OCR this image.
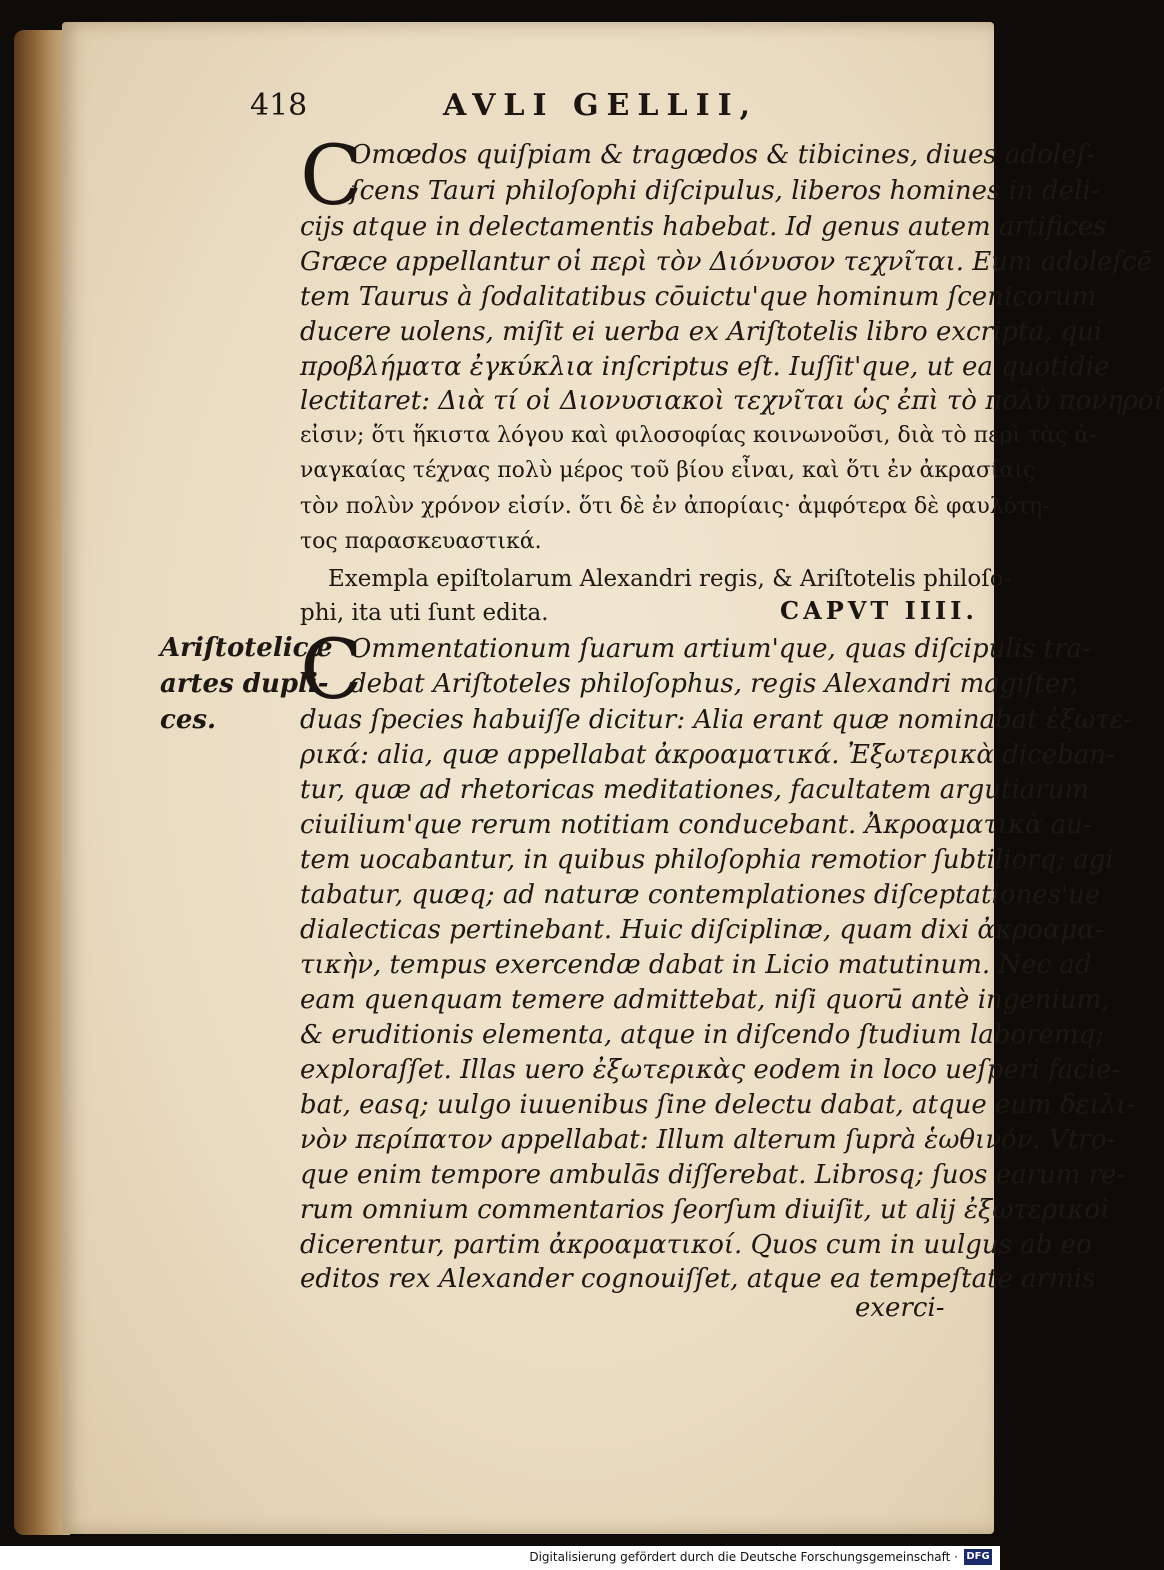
418	AVLI GELLII,
C
Omœdos quiſpiam & tragœdos & tibicines, diues adoleſ-
ſcens Tauri philoſophi diſcipulus, liberos homines in deli-
cijs atque in delectamentis habebat. Id genus autem artifices
Græce appellantur οἱ περὶ τὸν Διόνυσον τεχνῖται. Eum adoleſcē
tem Taurus à ſodalitatibus cōuictu'que hominum ſcenicorum
ducere uolens, miſit ei uerba ex Ariſtotelis libro excripta, qui
προβλήματα ἐγκύκλια inſcriptus eſt. Iuſſit'que, ut ea quotidie
lectitaret: Διὰ τί οἱ Διονυσιακοὶ τεχνῖται ὡς ἐπὶ τὸ πολὺ πονηροί
εἰσιν; ὅτι ἥκιστα λόγου καὶ φιλοσοφίας κοινωνοῦσι, διὰ τὸ περὶ τὰς ἀ-
ναγκαίας τέχνας πολὺ μέρος τοῦ βίου εἶναι, καὶ ὅτι ἐν ἀκρασίαις
τὸν πολὺν χρόνον εἰσίν. ὅτι δὲ ἐν ἀπορίαις· ἀμφότερα δὲ φαυλότη-
τος παρασκευαστικά.
Exempla epiſtolarum Alexandri regis, & Ariſtotelis philoſo-
phi, ita uti ſunt edita.	CAPVT IIII.
Ariſtotelicæ
artes dupli-
ces.
C
Ommentationum ſuarum artium'que, quas diſcipulis tra-
debat Ariſtoteles philoſophus, regis Alexandri magiſter,
duas ſpecies habuiſſe dicitur: Alia erant quæ nominabat ἐξωτε-
ρικά: alia, quæ appellabat ἀκροαματικά. Ἐξωτερικὰ diceban-
tur, quæ ad rhetoricas meditationes, facultatem argutiarum
ciuilium'que rerum notitiam conducebant. Ἀκροαματικὰ au-
tem uocabantur, in quibus philoſophia remotior ſubtiliorq; agi
tabatur, quæq; ad naturæ contemplationes diſceptationes'ue
dialecticas pertinebant. Huic diſciplinæ, quam dixi ἀκροαμα-
τικὴν, tempus exercendæ dabat in Licio matutinum. Nec ad
eam quenquam temere admittebat, niſi quorū antè ingenium,
& eruditionis elementa, atque in diſcendo ſtudium laboremq;
exploraſſet. Illas uero ἐξωτερικὰς eodem in loco ueſperi facie-
bat, easq; uulgo iuuenibus ſine delectu dabat, atque eum δειλι-
νὸν περίπατον appellabat: Illum alterum ſuprà ἑωθινόν. Vtro-
que enim tempore ambulās diſſerebat. Librosq; ſuos earum re-
rum omnium commentarios ſeorſum diuiſit, ut alij ἐξωτερικοὶ
dicerentur, partim ἀκροαματικοί. Quos cum in uulgus ab eo
editos rex Alexander cognouiſſet, atque ea tempeſtate armis
exerci-
Digitalisierung gefördert durch die Deutsche Forschungsgemeinschaft · DFG
